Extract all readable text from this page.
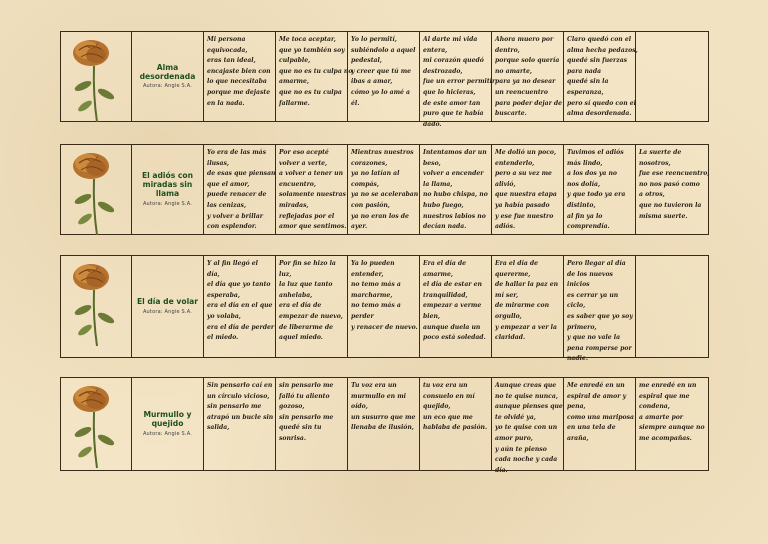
Alma desordenada
Autora: Angie S.A.
Mi persona
equivocada,
eras tan ideal,
encajaste bien con
lo que necesitaba
porque me dejaste
en la nada.
Me toca aceptar,
que yo también soy
culpable,
que no es tu culpa no
amarme,
que no es tu culpa
fallarme.
Yo lo permití,
subiéndolo a aquel
pedestal,
y creer que tú me
ibas a amar,
cómo yo lo amé a
él.
Al darte mi vida
entera,
mi corazón quedó
destrozado,
fue un error permitir
que lo hicieras,
de este amor tan
puro que te había
dado.
Ahora muero por
dentro,
porque solo quería
no amarte,
para ya no desear
un reencuentro
para poder dejar de
buscarte.
Claro quedó con el
alma hecha pedazos,
quedé sin fuerzas
para nada
quedé sin la
esperanza,
pero sí quedo con el
alma desordenada.
El adiós con miradas sin llama
Autora: Angie S.A.
Yo era de las más
ilusas,
de esas que piensan
que el amor,
puede renacer de
las cenizas,
y volver a brillar
con esplendor.
Por eso acepté
volver a verte,
a volver a tener un
encuentro,
solamente nuestras
miradas,
reflejadas por el
amor que sentimos.
Mientras nuestros
corazones,
ya no latían al
compás,
ya no se aceleraban
con pasión,
ya no eran los de
ayer.
Intentamos dar un
beso,
volver a encender
la llama,
no hubo chispa, no
hubo fuego,
nuestros labios no
decían nada.
Me dolió un poco,
entenderlo,
pero a su vez me
alivió,
que nuestra etapa
ya había pasado
y ese fue nuestro
adiós.
Tuvimos el adiós
más lindo,
a los dos ya no
nos dolía,
y que todo ya era
distinto,
al fin ya lo
comprendía.
La suerte de
nosotros,
fue ese reencuentro,
no nos pasó como
a otros,
que no tuvieron la
misma suerte.
El día de volar
Autora: Angie S.A.
Y al fin llegó el
día,
el día que yo tanto
esperaba,
era el día en el que
yo volaba,
era el día de perder
el miedo.
Por fin se hizo la
luz,
la luz que tanto
anhelaba,
era el día de
empezar de nuevo,
de liberarme de
aquel miedo.
Ya lo pueden
entender,
no temo más a
marcharme,
no temo más a
perder
y renacer de nuevo.
Era el día de
amarme,
el día de estar en
tranquilidad,
empezar a verme
bien,
aunque duela un
poco está soledad.
Era el día de
quererme,
de hallar la paz en
mí ser,
de mirarme con
orgullo,
y empezar a ver la
claridad.
Pero llegar al día
de los nuevos
inicios
es cerrar ya un
ciclo,
es saber que yo soy
primero,
y que no vale la
pena romperse por
nadie.
Murmullo y quejido
Autora: Angie S.A.
Sin pensarlo caí en
un círculo vicioso,
sin pensarlo me
atrapó un bucle sin
salida,
sin pensarlo me
falló tu aliento
gozoso,
sin pensarlo me
quedé sin tu
sonrisa.
Tu voz era un
murmullo en mi
oído,
un susurro que me
llenaba de ilusión,
tu voz era un
consuelo en mí
quejido,
un eco que me
hablaba de pasión.
Aunque creas que
no te quise nunca,
aunque pienses que
te olvidé ya,
yo te quise con un
amor puro,
y aún te pienso
cada noche y cada
día.
Me enredé en un
espiral de amor y
pena,
como una mariposa
en una tela de
araña,
me enredé en un
espiral que me
condena,
a amarte por
siempre aunque no
me acompañas.
